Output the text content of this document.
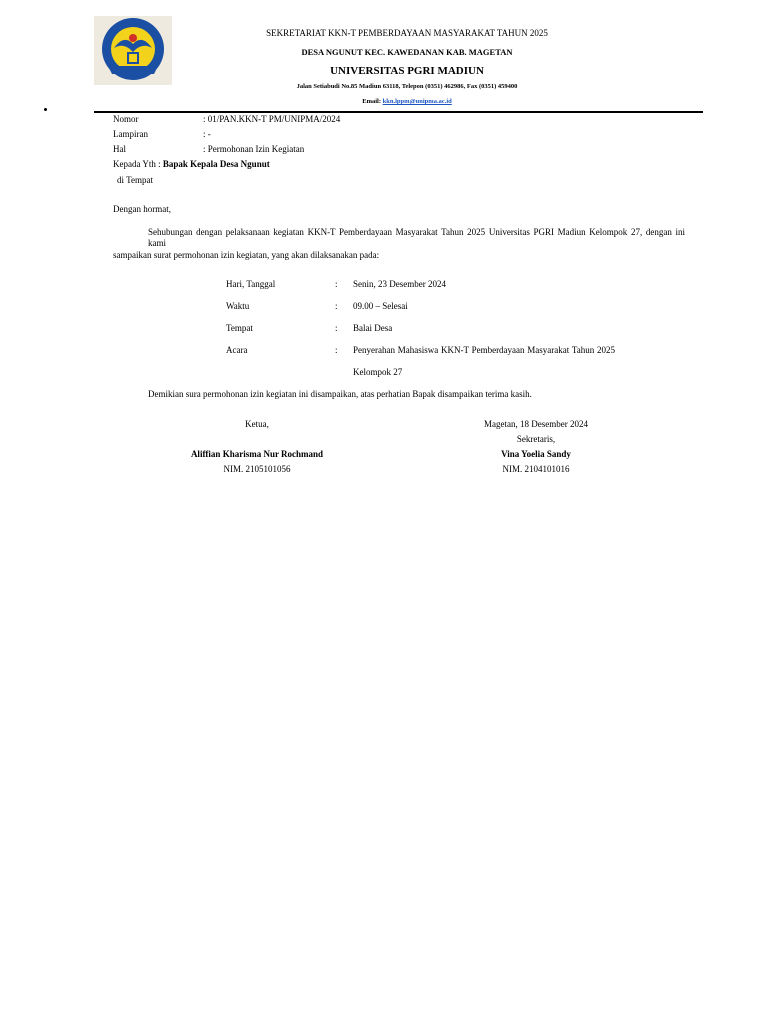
SEKRETARIAT KKN-T PEMBERDAYAAN MASYARAKAT TAHUN 2025
DESA NGUNUT KEC. KAWEDANAN KAB. MAGETAN
UNIVERSITAS PGRI MADIUN
Jalan Setiabudi No.85 Madiun 63118, Telepon (0351) 462986, Fax (0351) 459400
Email: kkn.lppm@unipma.ac.id
Nomor	: 01/PAN.KKN-T PM/UNIPMA/2024
Lampiran	: -
Hal	: Permohonan Izin Kegiatan
Kepada Yth : Bapak Kepala Desa Ngunut
di Tempat
Dengan hormat,
Sehubungan dengan pelaksanaan kegiatan KKN-T Pemberdayaan Masyarakat Tahun 2025 Universitas PGRI Madiun Kelompok 27, dengan ini kami
sampaikan surat permohonan izin kegiatan, yang akan dilaksanakan pada:
Hari, Tanggal	: Senin, 23 Desember 2024
Waktu	: 09.00 – Selesai
Tempat	: Balai Desa
Acara	: Penyerahan Mahasiswa KKN-T Pemberdayaan Masyarakat Tahun 2025
Kelompok 27
Demikian sura permohonan izin kegiatan ini disampaikan, atas perhatian Bapak disampaikan terima kasih.
Ketua,
Aliffian Kharisma Nur Rochmand
NIM. 2105101056
Magetan, 18 Desember 2024
Sekretaris,
Vina Yoelia Sandy
NIM. 2104101016
